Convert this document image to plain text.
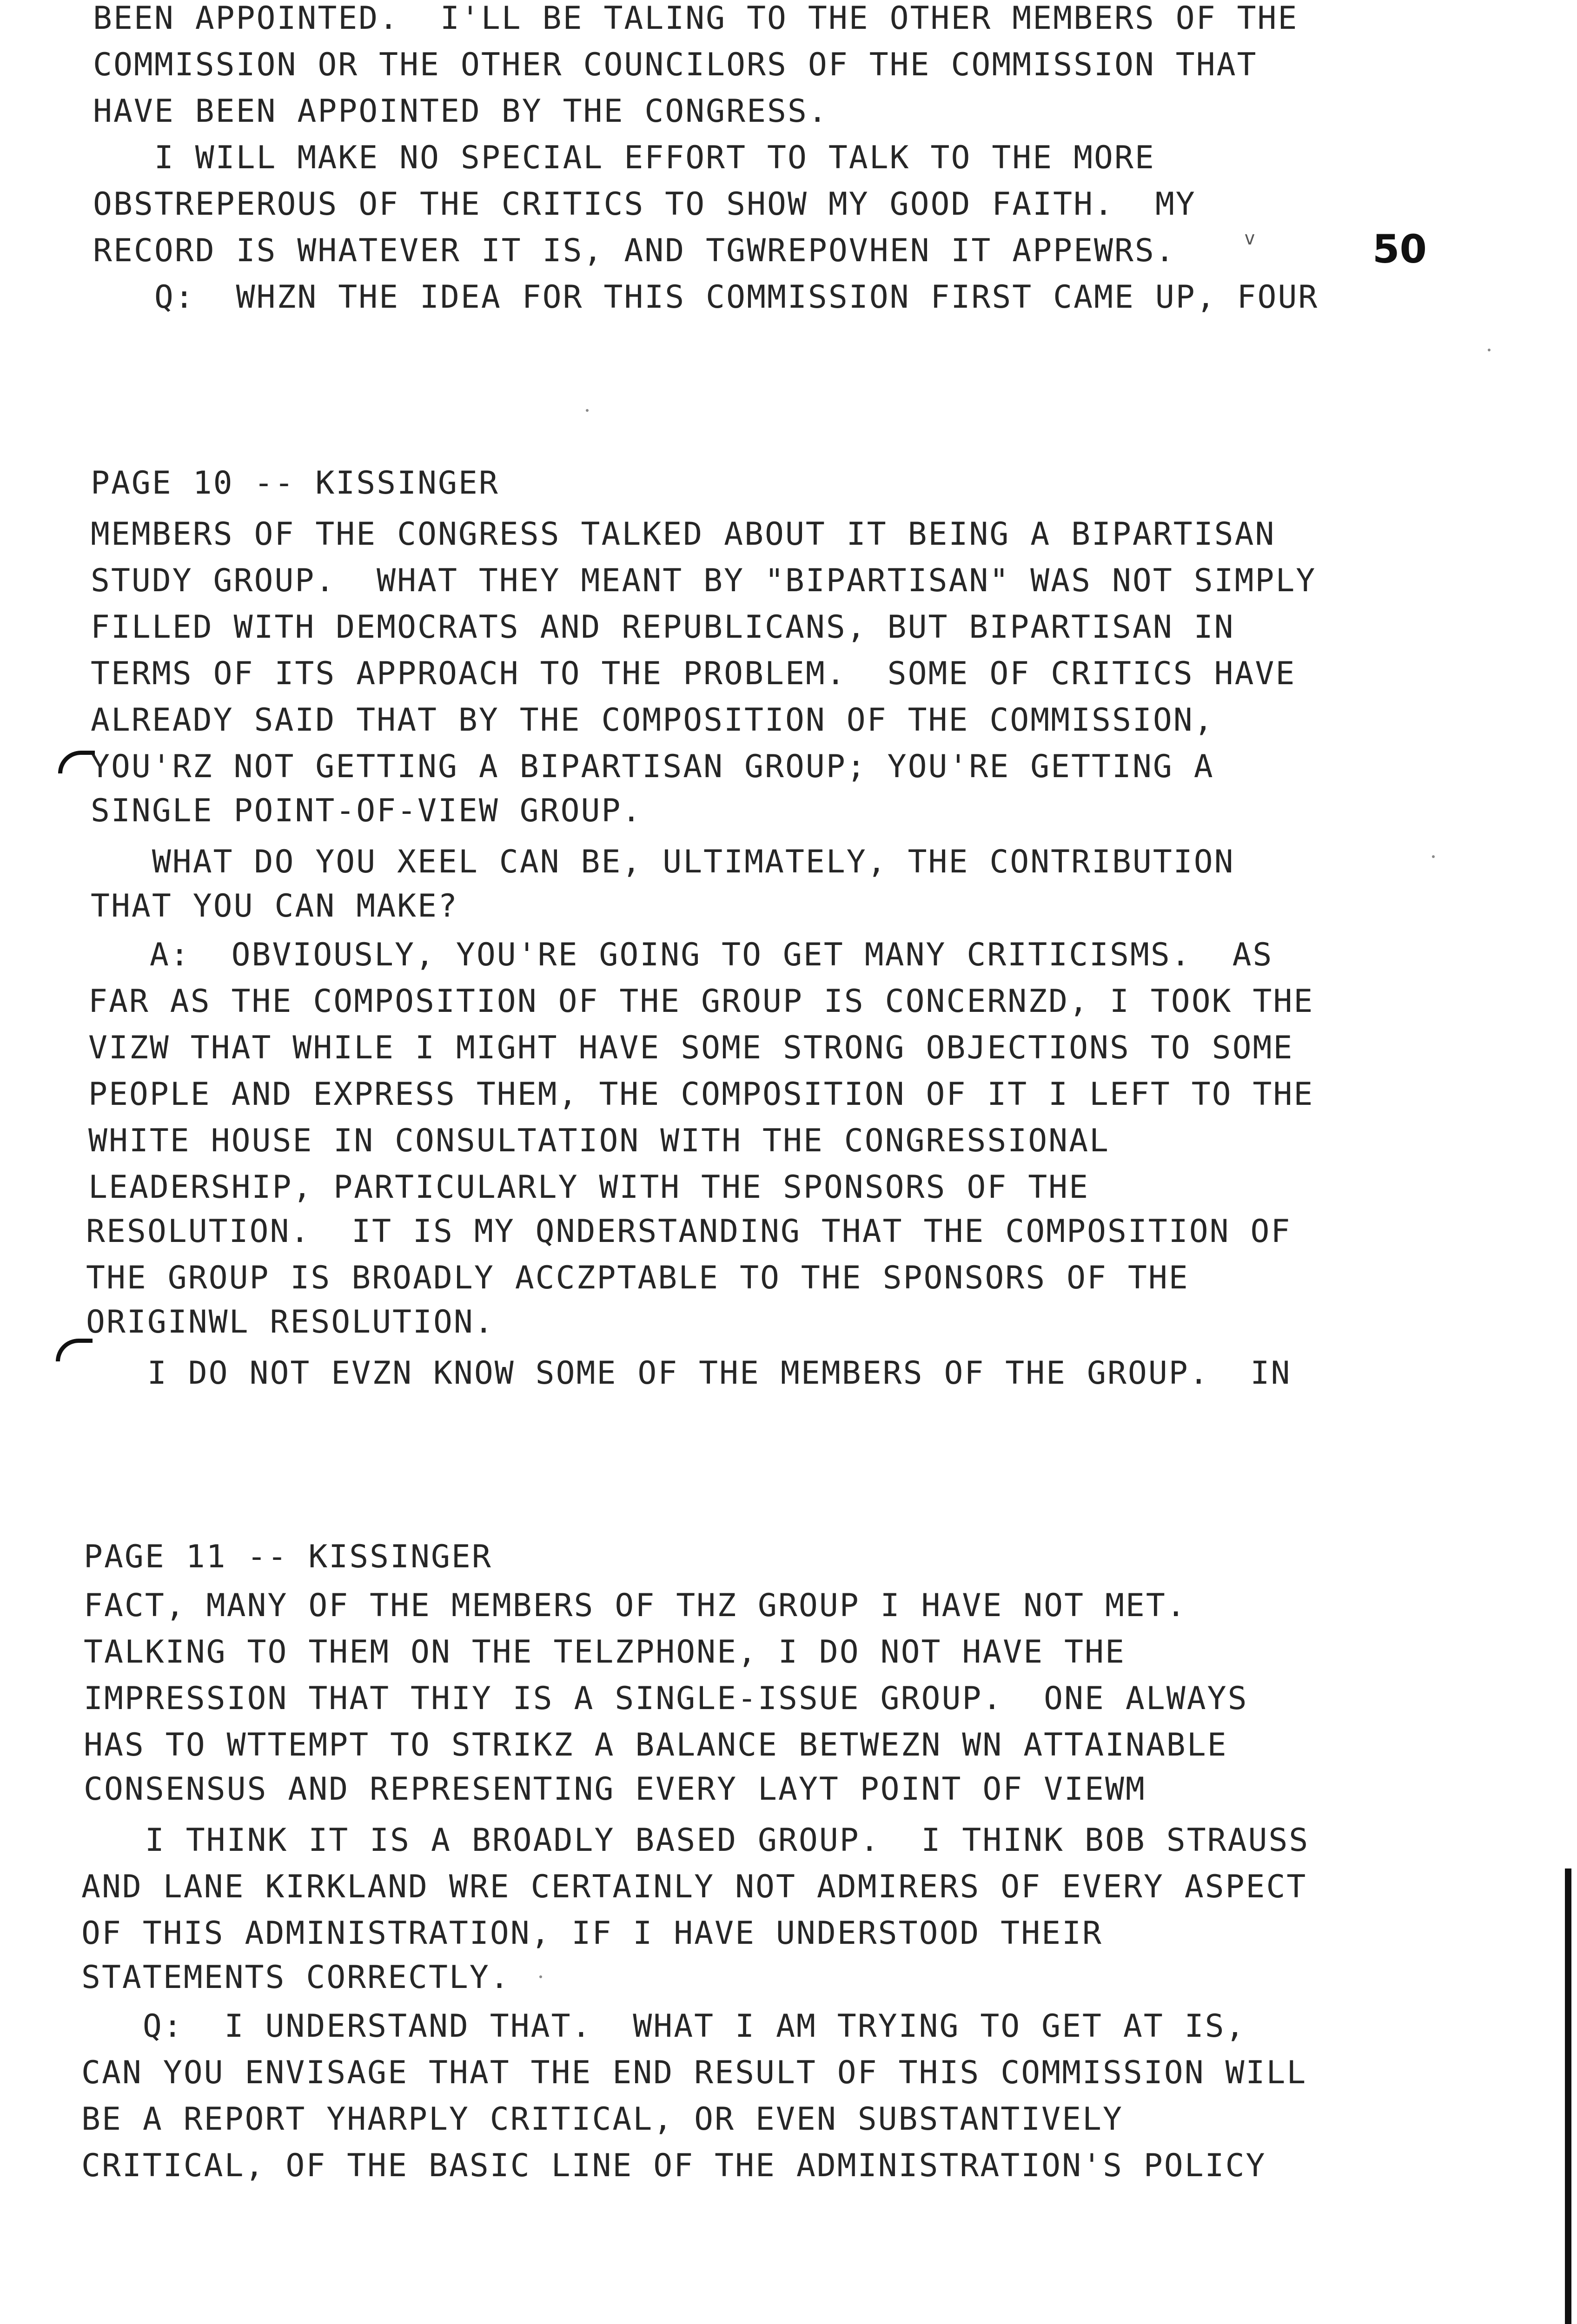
BEEN APPOINTED.  I'LL BE TALING TO THE OTHER MEMBERS OF THE
COMMISSION OR THE OTHER COUNCILORS OF THE COMMISSION THAT
HAVE BEEN APPOINTED BY THE CONGRESS.
I WILL MAKE NO SPECIAL EFFORT TO TALK TO THE MORE
OBSTREPEROUS OF THE CRITICS TO SHOW MY GOOD FAITH.  MY
RECORD IS WHATEVER IT IS, AND TGWREPOVHEN IT APPEWRS.
Q:  WHZN THE IDEA FOR THIS COMMISSION FIRST CAME UP, FOUR
PAGE 10 -- KISSINGER
MEMBERS OF THE CONGRESS TALKED ABOUT IT BEING A BIPARTISAN
STUDY GROUP.  WHAT THEY MEANT BY "BIPARTISAN" WAS NOT SIMPLY
FILLED WITH DEMOCRATS AND REPUBLICANS, BUT BIPARTISAN IN
TERMS OF ITS APPROACH TO THE PROBLEM.  SOME OF CRITICS HAVE
ALREADY SAID THAT BY THE COMPOSITION OF THE COMMISSION,
YOU'RZ NOT GETTING A BIPARTISAN GROUP; YOU'RE GETTING A
SINGLE POINT-OF-VIEW GROUP.
WHAT DO YOU XEEL CAN BE, ULTIMATELY, THE CONTRIBUTION
THAT YOU CAN MAKE?
A:  OBVIOUSLY, YOU'RE GOING TO GET MANY CRITICISMS.  AS
FAR AS THE COMPOSITION OF THE GROUP IS CONCERNZD, I TOOK THE
VIZW THAT WHILE I MIGHT HAVE SOME STRONG OBJECTIONS TO SOME
PEOPLE AND EXPRESS THEM, THE COMPOSITION OF IT I LEFT TO THE
WHITE HOUSE IN CONSULTATION WITH THE CONGRESSIONAL
LEADERSHIP, PARTICULARLY WITH THE SPONSORS OF THE
RESOLUTION.  IT IS MY QNDERSTANDING THAT THE COMPOSITION OF
THE GROUP IS BROADLY ACCZPTABLE TO THE SPONSORS OF THE
ORIGINWL RESOLUTION.
I DO NOT EVZN KNOW SOME OF THE MEMBERS OF THE GROUP.  IN
PAGE 11 -- KISSINGER
FACT, MANY OF THE MEMBERS OF THZ GROUP I HAVE NOT MET.
TALKING TO THEM ON THE TELZPHONE, I DO NOT HAVE THE
IMPRESSION THAT THIY IS A SINGLE-ISSUE GROUP.  ONE ALWAYS
HAS TO WTTEMPT TO STRIKZ A BALANCE BETWEZN WN ATTAINABLE
CONSENSUS AND REPRESENTING EVERY LAYT POINT OF VIEWM
I THINK IT IS A BROADLY BASED GROUP.  I THINK BOB STRAUSS
AND LANE KIRKLAND WRE CERTAINLY NOT ADMIRERS OF EVERY ASPECT
OF THIS ADMINISTRATION, IF I HAVE UNDERSTOOD THEIR
STATEMENTS CORRECTLY.
Q:  I UNDERSTAND THAT.  WHAT I AM TRYING TO GET AT IS,
CAN YOU ENVISAGE THAT THE END RESULT OF THIS COMMISSION WILL
BE A REPORT YHARPLY CRITICAL, OR EVEN SUBSTANTIVELY
CRITICAL, OF THE BASIC LINE OF THE ADMINISTRATION'S POLICY
50
v
